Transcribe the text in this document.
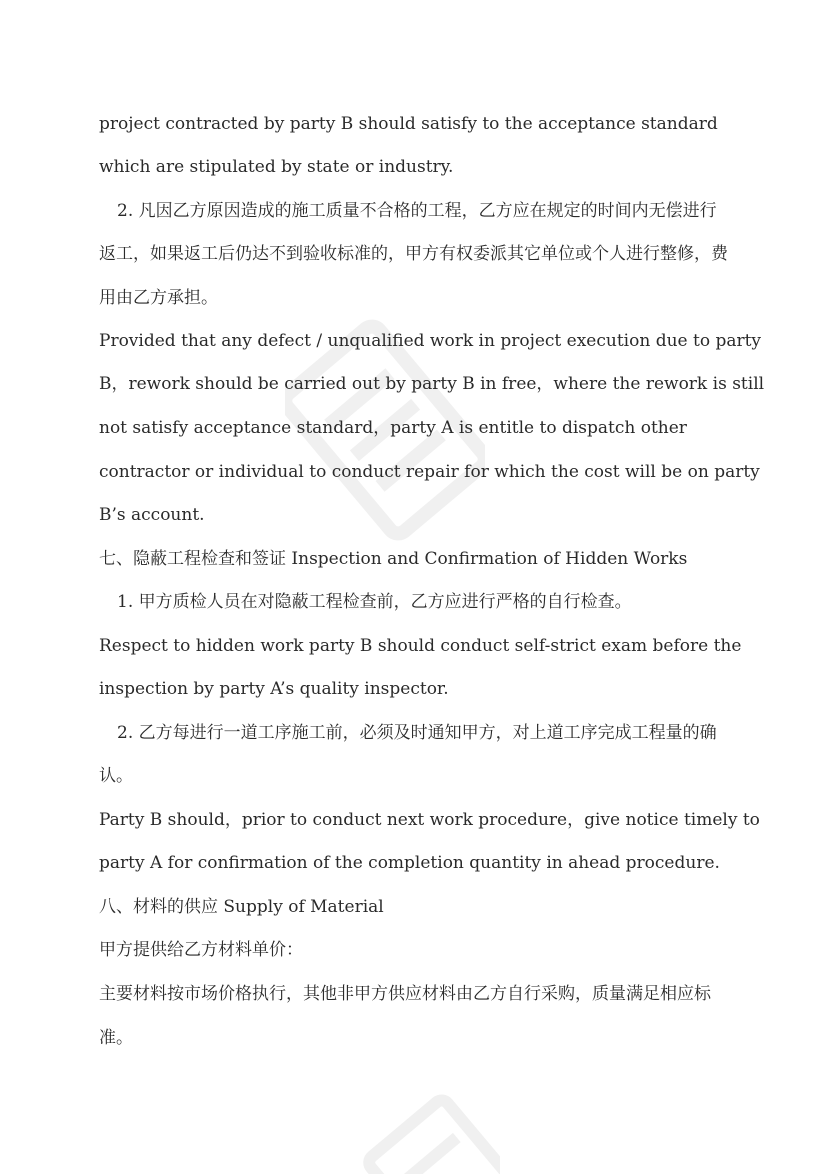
project contracted by party B should satisfy to the acceptance standard
which are stipulated by state or industry.
2. 凡因乙方原因造成的施工质量不合格的工程，乙方应在规定的时间内无偿进行
返工，如果返工后仍达不到验收标准的，甲方有权委派其它单位或个人进行整修，费
用由乙方承担。
Provided that any defect / unqualified work in project execution due to party
B，rework should be carried out by party B in free，where the rework is still
not satisfy acceptance standard，party A is entitle to dispatch other
contractor or individual to conduct repair for which the cost will be on party
B’s account.
七、隐蔽工程检查和签证 Inspection and Confirmation of Hidden Works
1. 甲方质检人员在对隐蔽工程检查前，乙方应进行严格的自行检查。
Respect to hidden work party B should conduct self-strict exam before the
inspection by party A’s quality inspector.
2. 乙方每进行一道工序施工前，必须及时通知甲方，对上道工序完成工程量的确
认。
Party B should，prior to conduct next work procedure，give notice timely to
party A for confirmation of the completion quantity in ahead procedure.
八、材料的供应 Supply of Material
甲方提供给乙方材料单价：
主要材料按市场价格执行，其他非甲方供应材料由乙方自行采购，质量满足相应标
准。
